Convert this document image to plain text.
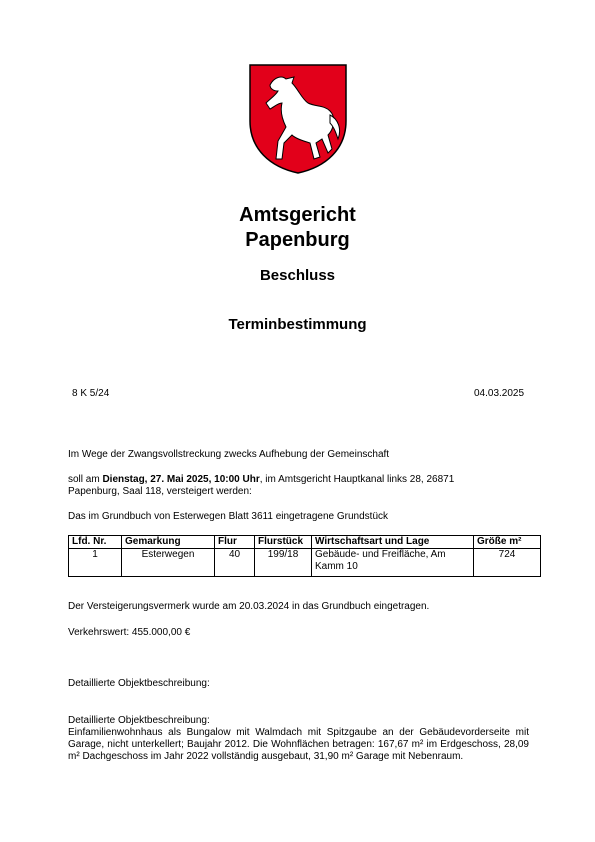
Amtsgericht
Papenburg
Beschluss
Terminbestimmung
8 K 5/24	04.03.2025
Im Wege der Zwangsvollstreckung zwecks Aufhebung der Gemeinschaft
soll am Dienstag, 27. Mai 2025, 10:00 Uhr, im Amtsgericht Hauptkanal links 28, 26871 Papenburg, Saal 118, versteigert werden:
Das im Grundbuch von Esterwegen Blatt 3611 eingetragene Grundstück
Lfd. Nr.	Gemarkung	Flur	Flurstück	Wirtschaftsart und Lage	Größe m²
1	Esterwegen	40	199/18	Gebäude- und Freifläche, Am Kamm 10	724
Der Versteigerungsvermerk wurde am 20.03.2024 in das Grundbuch eingetragen.
Verkehrswert: 455.000,00 €
Detaillierte Objektbeschreibung:
Detaillierte Objektbeschreibung:
Einfamilienwohnhaus als Bungalow mit Walmdach mit Spitzgaube an der Gebäudevorderseite mit Garage, nicht unterkellert; Baujahr 2012. Die Wohnflächen betragen: 167,67 m² im Erdgeschoss, 28,09 m² Dachgeschoss im Jahr 2022 vollständig ausgebaut, 31,90 m² Garage mit Nebenraum.
